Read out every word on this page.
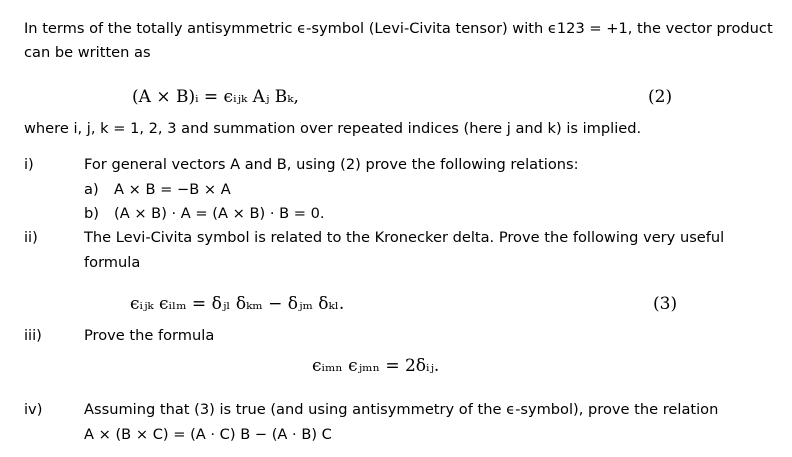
In terms of the totally antisymmetric ϵ-symbol (Levi-Civita tensor) with ϵ123 = +1, the vector product
can be written as
(A × B)ᵢ = ϵᵢⱼₖ Aⱼ Bₖ,	(2)
where i, j, k = 1, 2, 3 and summation over repeated indices (here j and k) is implied.
i)	For general vectors A and B, using (2) prove the following relations:
a) A × B = −B × A
b) (A × B) · A = (A × B) · B = 0.
ii)	The Levi-Civita symbol is related to the Kronecker delta. Prove the following very useful
formula
ϵᵢⱼₖ ϵᵢₗₘ = δⱼₗ δₖₘ − δⱼₘ δₖₗ.	(3)
iii)	Prove the formula
ϵᵢₘₙ ϵⱼₘₙ = 2δᵢⱼ.
iv)	Assuming that (3) is true (and using antisymmetry of the ϵ-symbol), prove the relation
A × (B × C) = (A · C) B − (A · B) C
